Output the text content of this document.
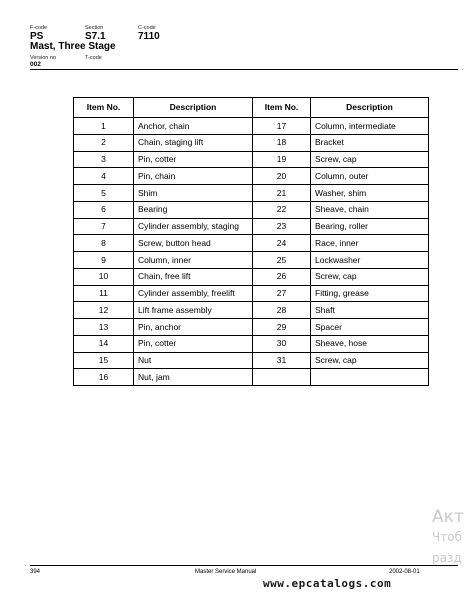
F-code
PS
Section
S7.1
C-code
7110
Mast, Three Stage
Version no
002
T-code
Item No.	Description	Item No.	Description
1	Anchor, chain	17	Column, intermediate
2	Chain, staging lift	18	Bracket
3	Pin, cotter	19	Screw, cap
4	Pin, chain	20	Column, outer
5	Shim	21	Washer, shim
6	Bearing	22	Sheave, chain
7	Cylinder assembly, staging	23	Bearing, roller
8	Screw, button head	24	Race, inner
9	Column, inner	25	Lockwasher
10	Chain, free lift	26	Screw, cap
11	Cylinder assembly, freelift	27	Fitting, grease
12	Lift frame assembly	28	Shaft
13	Pin, anchor	29	Spacer
14	Pin, cotter	30	Sheave, hose
15	Nut	31	Screw, cap
16	Nut, jam		
394	Master Service Manual	2002-08-01
www.epcatalogs.com
Акт
Чтоб
разд
